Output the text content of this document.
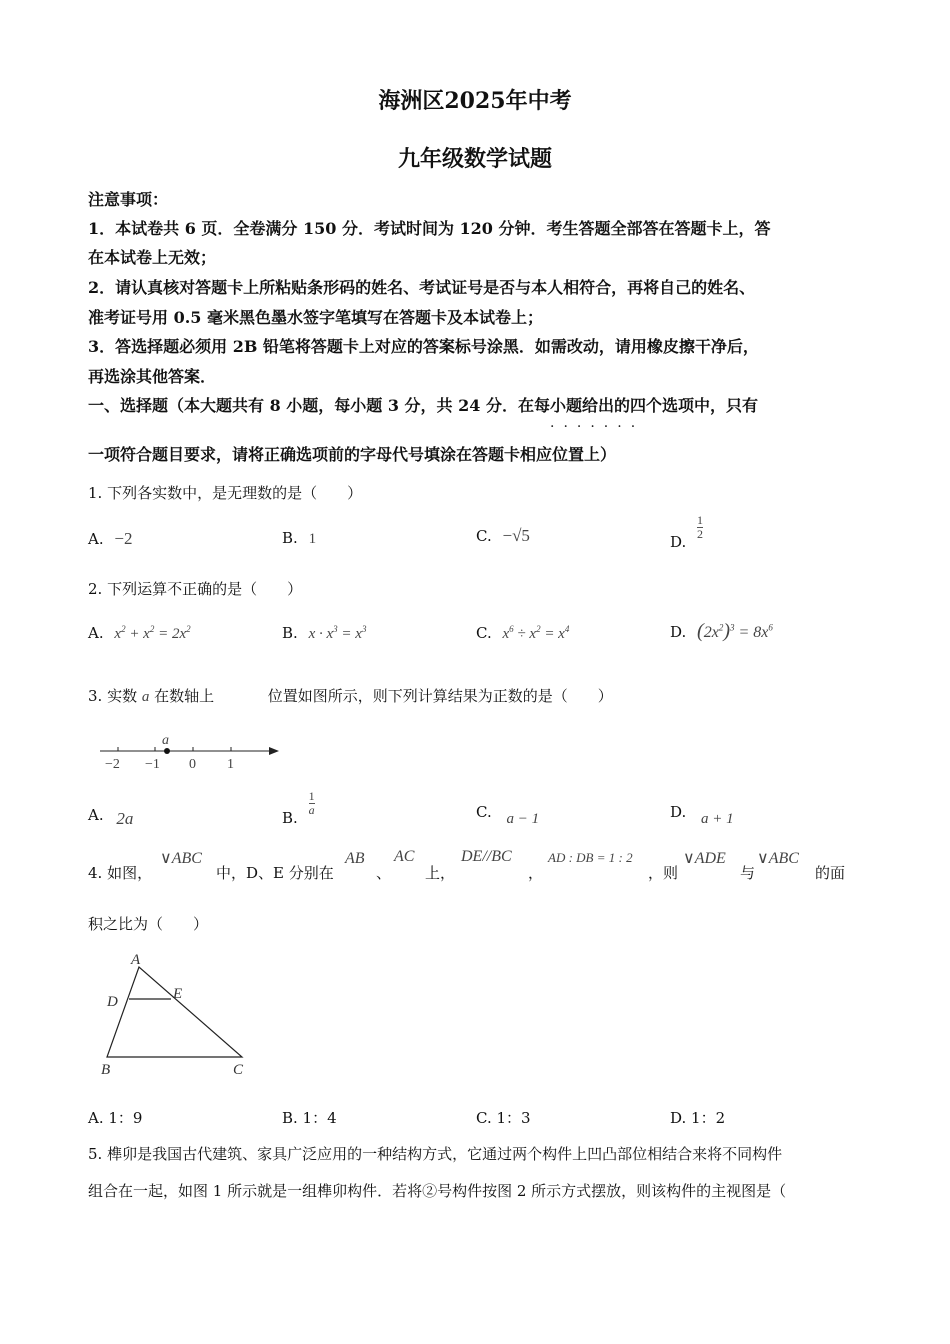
海洲区2025年中考
九年级数学试题
注意事项：
1．本试卷共 6 页．全卷满分 150 分．考试时间为 120 分钟．考生答题全部答在答题卡上，答
在本试卷上无效；
2．请认真核对答题卡上所粘贴条形码的姓名、考试证号是否与本人相符合，再将自己的姓名、
准考证号用 0.5 毫米黑色墨水签字笔填写在答题卡及本试卷上；
3．答选择题必须用 2B 铅笔将答题卡上对应的答案标号涂黑．如需改动，请用橡皮擦干净后，
再选涂其他答案．
一、选择题（本大题共有 8 小题，每小题 3 分，共 24 分．在每小题给出的四个选项中，只有
·······
一项符合题目要求，请将正确选项前的字母代号填涂在答题卡相应位置上）
1. 下列各实数中，是无理数的是（　　）
A. −2	B. 1	C. −√5	D.
$\frac{1}{2}$
2. 下列运算不正确的是（　　）
A. $x^2 + x^2 = 2x^2$	B. $x \cdot x^3 = x^3$	C. $x^6 \div x^2 = x^4$	D. $(2x^2)^3 = 8x^6$
3. 实数 a 在数轴上	位置如图所示，则下列计算结果为正数的是（　　）
a
−2 −1 0 1
A. 2a	B.
$\frac{1}{a}$	C. a − 1	D. a + 1
4. 如图，
∨ABC
中，D、E 分别在
AB
、
AC
上，
DE//BC
，
AD : DB = 1 : 2
，则
∨ADE
与
∨ABC
的面
积之比为（　　）
A
D	E
B	C
A. 1：9	B. 1：4	C. 1：3	D. 1：2
5. 榫卯是我国古代建筑、家具广泛应用的一种结构方式，它通过两个构件上凹凸部位相结合来将不同构件
组合在一起，如图 1 所示就是一组榫卯构件．若将②号构件按图 2 所示方式摆放，则该构件的主视图是（
